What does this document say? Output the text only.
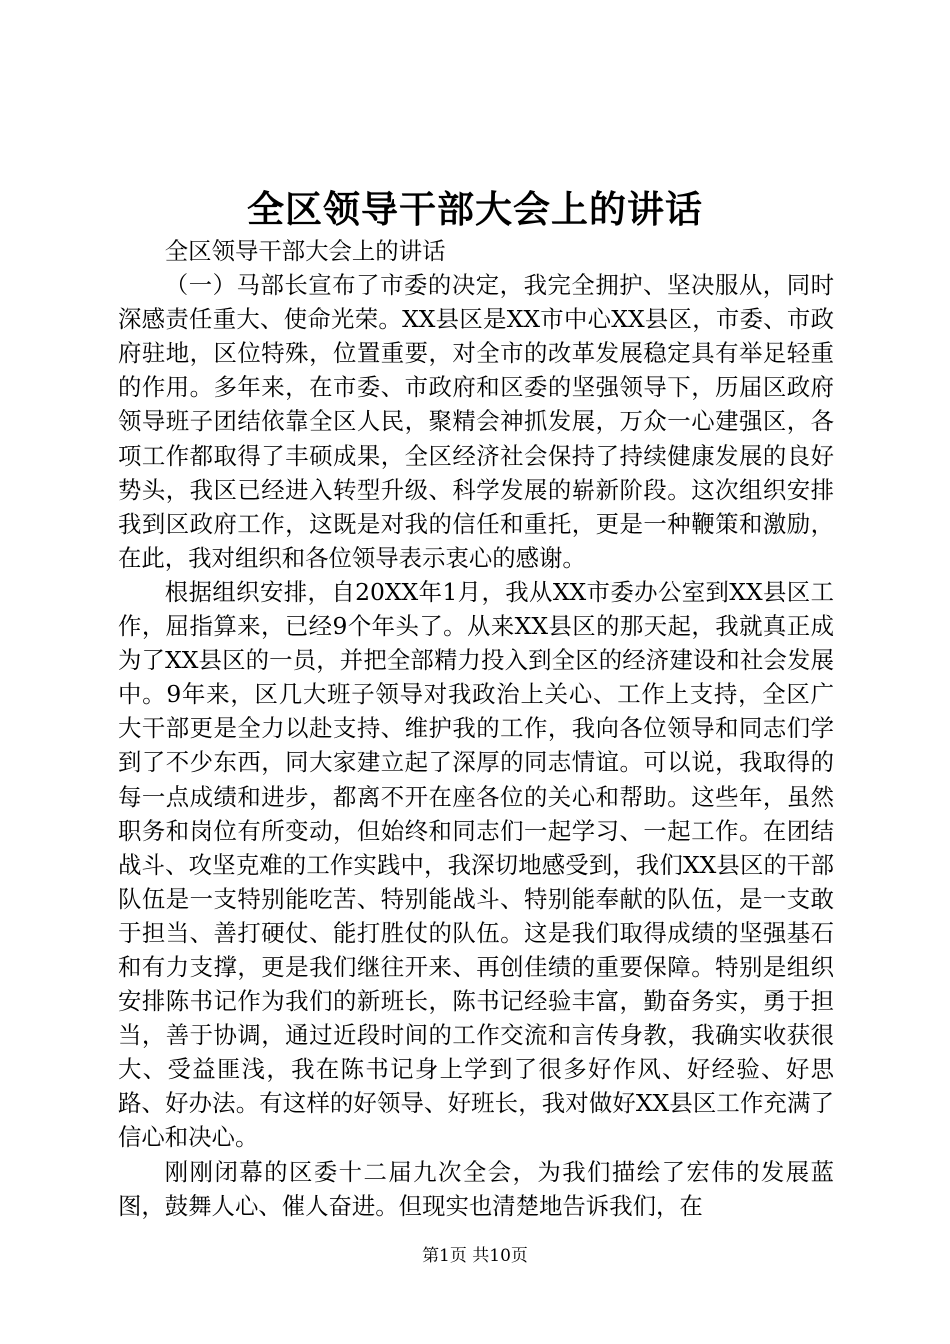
全区领导干部大会上的讲话

全区领导干部大会上的讲话

（一）马部长宣布了市委的决定，我完全拥护、坚决服从，同时深感责任重大、使命光荣。XX县区是XX市中心XX县区，市委、市政府驻地，区位特殊，位置重要，对全市的改革发展稳定具有举足轻重的作用。多年来，在市委、市政府和区委的坚强领导下，历届区政府领导班子团结依靠全区人民，聚精会神抓发展，万众一心建强区，各项工作都取得了丰硕成果，全区经济社会保持了持续健康发展的良好势头，我区已经进入转型升级、科学发展的崭新阶段。这次组织安排我到区政府工作，这既是对我的信任和重托，更是一种鞭策和激励，在此，我对组织和各位领导表示衷心的感谢。

根据组织安排，自20XX年1月，我从XX市委办公室到XX县区工作，屈指算来，已经9个年头了。从来XX县区的那天起，我就真正成为了XX县区的一员，并把全部精力投入到全区的经济建设和社会发展中。9年来，区几大班子领导对我政治上关心、工作上支持，全区广大干部更是全力以赴支持、维护我的工作，我向各位领导和同志们学到了不少东西，同大家建立起了深厚的同志情谊。可以说，我取得的每一点成绩和进步，都离不开在座各位的关心和帮助。这些年，虽然职务和岗位有所变动，但始终和同志们一起学习、一起工作。在团结战斗、攻坚克难的工作实践中，我深切地感受到，我们XX县区的干部队伍是一支特别能吃苦、特别能战斗、特别能奉献的队伍，是一支敢于担当、善打硬仗、能打胜仗的队伍。这是我们取得成绩的坚强基石和有力支撑，更是我们继往开来、再创佳绩的重要保障。特别是组织安排陈书记作为我们的新班长，陈书记经验丰富，勤奋务实，勇于担当，善于协调，通过近段时间的工作交流和言传身教，我确实收获很大、受益匪浅，我在陈书记身上学到了很多好作风、好经验、好思路、好办法。有这样的好领导、好班长，我对做好XX县区工作充满了信心和决心。

刚刚闭幕的区委十二届九次全会，为我们描绘了宏伟的发展蓝图，鼓舞人心、催人奋进。但现实也清楚地告诉我们，在

第1页 共10页
